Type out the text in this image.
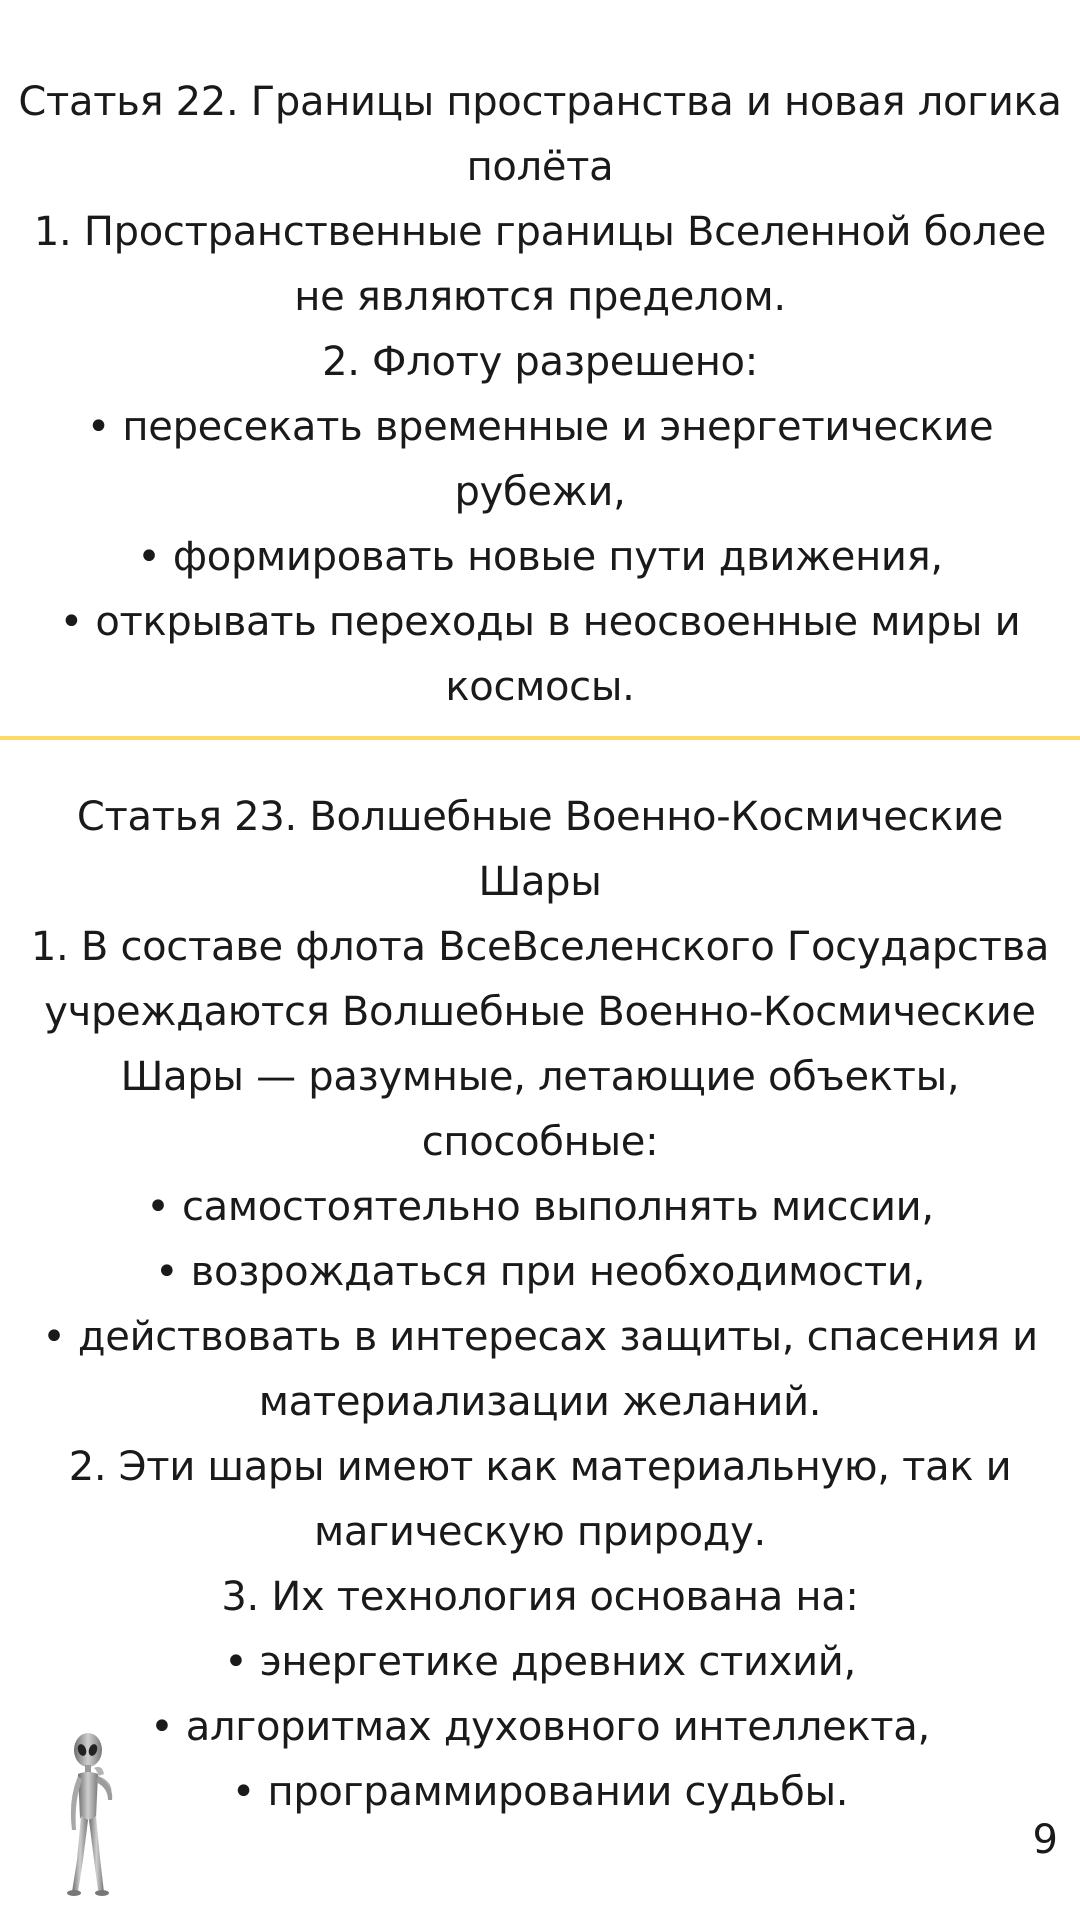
Статья 22. Границы пространства и новая логика
полёта
1. Пространственные границы Вселенной более
не являются пределом.
2. Флоту разрешено:
• пересекать временные и энергетические
рубежи,
• формировать новые пути движения,
• открывать переходы в неосвоенные миры и
космосы.
Статья 23. Волшебные Военно-Космические
Шары
1. В составе флота ВсеВселенского Государства
учреждаются Волшебные Военно-Космические
Шары — разумные, летающие объекты,
способные:
• самостоятельно выполнять миссии,
• возрождаться при необходимости,
• действовать в интересах защиты, спасения и
материализации желаний.
2. Эти шары имеют как материальную, так и
магическую природу.
3. Их технология основана на:
• энергетике древних стихий,
• алгоритмах духовного интеллекта,
• программировании судьбы.
9
